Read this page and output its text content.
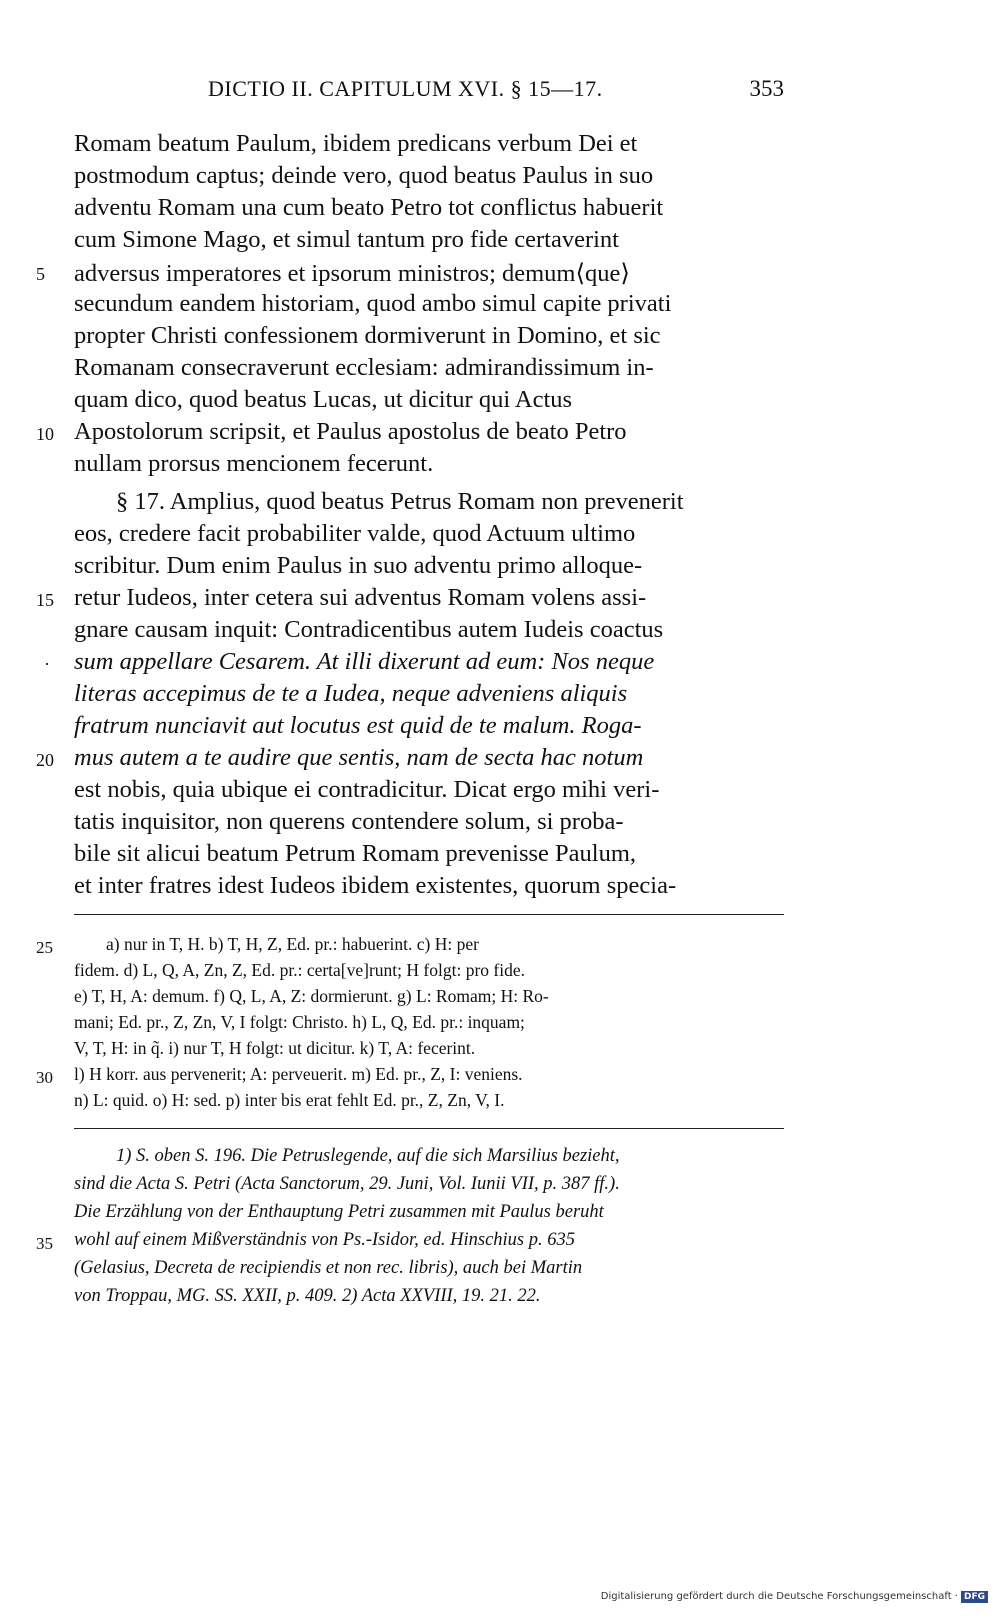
DICTIO II. CAPITULUM XVI. § 15—17.	353
Romam beatum Paulum, ibidem predicans verbum Dei et
postmodum captus; deinde vero, quod beatus Paulus in suo
adventu Romam una cum beato Petro tot conflictus habuerit
cum Simone Mago, et simul tantum pro fide certaverint
adversus imperatores et ipsorum ministros; demum⟨que⟩
secundum eandem historiam, quod ambo simul capite privati
propter Christi confessionem dormiverunt in Domino, et sic
Romanam consecraverunt ecclesiam: admirandissimum in-
quam dico, quod beatus Lucas, ut dicitur qui Actus
Apostolorum scripsit, et Paulus apostolus de beato Petro
nullam prorsus mencionem fecerunt.
§ 17. Amplius, quod beatus Petrus Romam non prevenerit
eos, credere facit probabiliter valde, quod Actuum ultimo
scribitur. Dum enim Paulus in suo adventu primo alloque-
retur Iudeos, inter cetera sui adventus Romam volens assi-
gnare causam inquit: Contradicentibus autem Iudeis coactus
sum appellare Cesarem. At illi dixerunt ad eum: Nos neque
literas accepimus de te a Iudea, neque adveniens aliquis
fratrum nunciavit aut locutus est quid de te malum. Roga-
mus autem a te audire que sentis, nam de secta hac notum
est nobis, quia ubique ei contradicitur. Dicat ergo mihi veri-
tatis inquisitor, non querens contendere solum, si proba-
bile sit alicui beatum Petrum Romam prevenisse Paulum,
et inter fratres idest Iudeos ibidem existentes, quorum specia-
5
10
15
·
20
a) nur in T, H. b) T, H, Z, Ed. pr.: habuerint. c) H: per
fidem. d) L, Q, A, Zn, Z, Ed. pr.: certa[ve]runt; H folgt: pro fide.
e) T, H, A: demum. f) Q, L, A, Z: dormierunt. g) L: Romam; H: Ro-
mani; Ed. pr., Z, Zn, V, I folgt: Christo. h) L, Q, Ed. pr.: inquam;
V, T, H: in q̃. i) nur T, H folgt: ut dicitur. k) T, A: fecerint.
l) H korr. aus pervenerit; A: perveuerit. m) Ed. pr., Z, I: veniens.
n) L: quid. o) H: sed. p) inter bis erat fehlt Ed. pr., Z, Zn, V, I.
25
30
1) S. oben S. 196. Die Petruslegende, auf die sich Marsilius bezieht,
sind die Acta S. Petri (Acta Sanctorum, 29. Juni, Vol. Iunii VII, p. 387 ff.).
Die Erzählung von der Enthauptung Petri zusammen mit Paulus beruht
wohl auf einem Mißverständnis von Ps.-Isidor, ed. Hinschius p. 635
(Gelasius, Decreta de recipiendis et non rec. libris), auch bei Martin
von Troppau, MG. SS. XXII, p. 409. 2) Acta XXVIII, 19. 21. 22.
35
Digitalisierung gefördert durch die Deutsche Forschungsgemeinschaft · DFG
